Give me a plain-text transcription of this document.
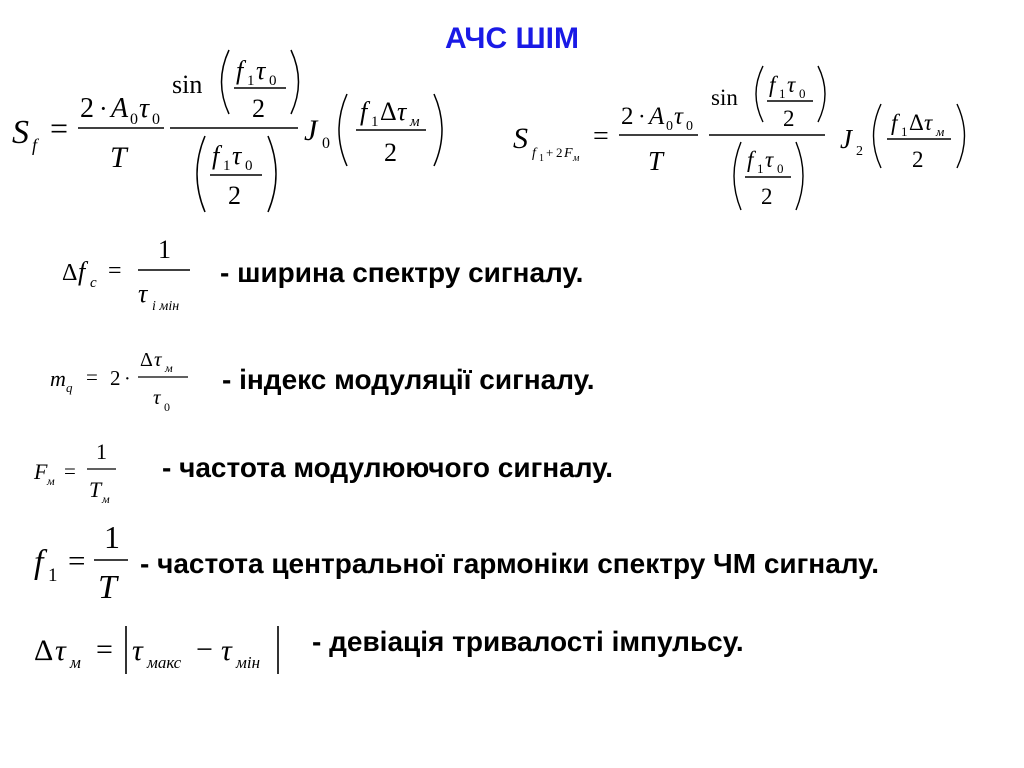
АЧС ШІМ
S f =
2 · A 0 τ 0
T
sin f 1 τ 0
2
f 1 τ 0
2
J 0
f 1 Δ τ м
2	S f 1 + 2 F м
=
2 · A 0 τ 0
T
sin
f 1 τ 0
2
f 1 τ 0
2
J 2
f 1 Δ τ м
2
Δ f c =
1
τ і мін
- ширина спектру сигналу.
m q = 2 ·
Δ τ м
τ 0
- індекс модуляції сигналу.
F м =
1
T м
- частота модулюючого сигналу.
f 1 =
1
T
- частота центральної гармоніки спектру ЧМ сигналу.
Δ τ м = τ макс − τ мін
- девіація тривалості імпульсу.
